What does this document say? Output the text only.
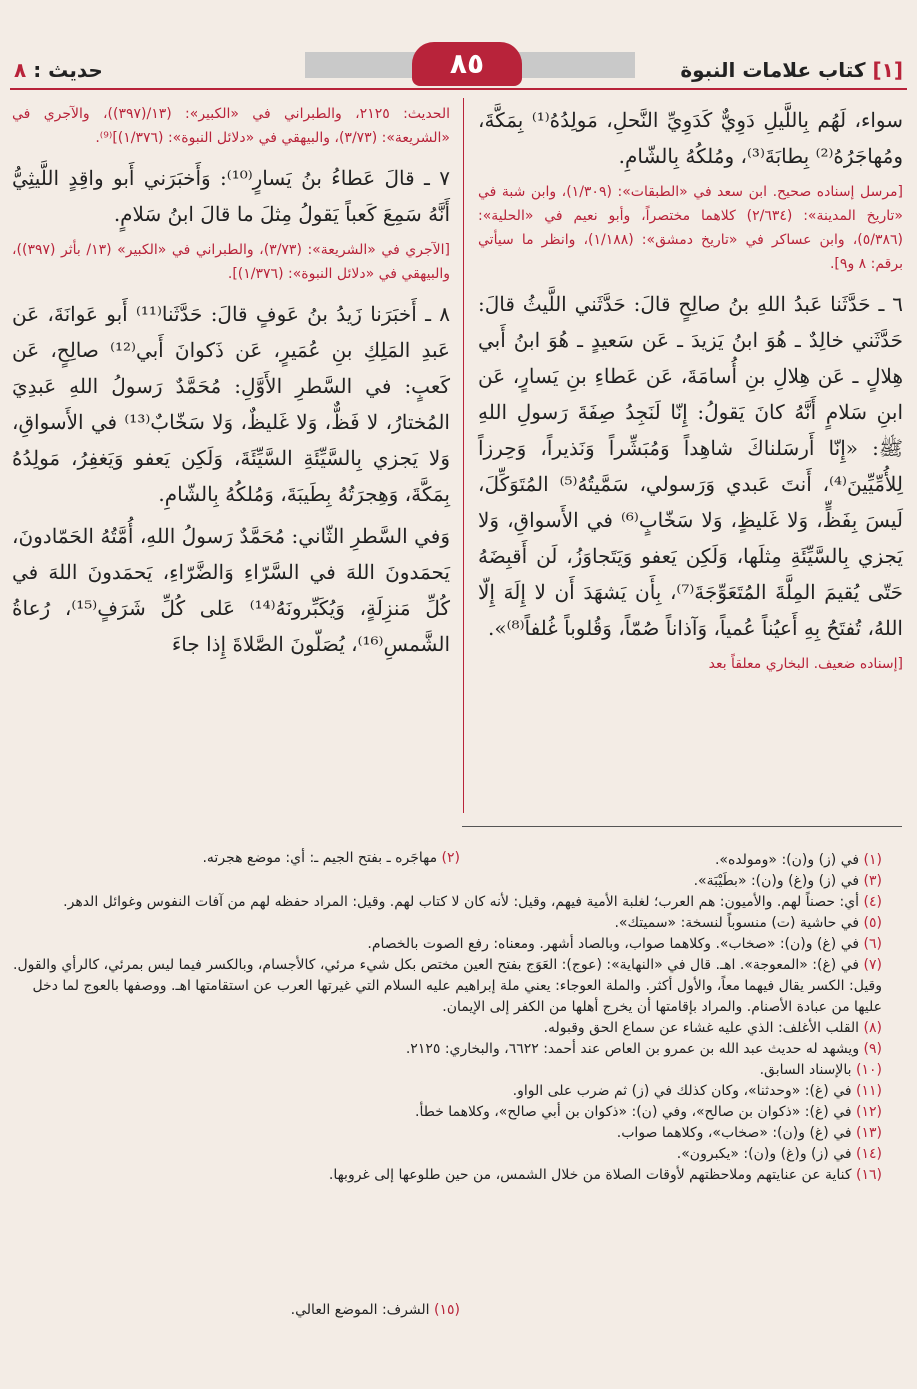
٨٥	[١] كتاب علامات النبوة
حديث : ٨

سواء، لَهُم بِاللَّيلِ دَوِيٌّ كَدَوِيِّ النَّحلِ، مَولِدُهُ⁽¹⁾ بِمَكَّةَ، ومُهاجَرُهُ⁽²⁾ بِطابَةَ⁽³⁾، ومُلكُهُ بِالشّامِ.

[مرسل إسناده صحيح. ابن سعد في «الطبقات»: (١/٣٠٩)، وابن شبة في «تاريخ المدينة»: (٢/٦٣٤) كلاهما مختصراً، وأبو نعيم في «الحلية»: (٥/٣٨٦)، وابن عساكر في «تاريخ دمشق»: (١/١٨٨)، وانظر ما سيأتي برقم: ٨ و٩].

٦ ـ حَدَّثَنا عَبدُ اللهِ بنُ صالِحٍ قالَ: حَدَّثَني اللَّيثُ قالَ: حَدَّثَني خالِدٌ ـ هُوَ ابنُ يَزيدَ ـ عَن سَعيدٍ ـ هُوَ ابنُ أَبي هِلالٍ ـ عَن هِلالِ بنِ أُسامَةَ، عَن عَطاءِ بنِ يَسارٍ، عَن ابنِ سَلامٍ أَنَّهُ كانَ يَقولُ: إِنّا لَنَجِدُ صِفَةَ رَسولِ اللهِ ﷺ: «إِنّا أَرسَلناكَ شاهِداً وَمُبَشِّراً وَنَذيراً، وَحِرزاً لِلأُمِّيِّينَ⁽⁴⁾، أَنتَ عَبدي وَرَسولي، سَمَّيتُهُ⁽⁵⁾ المُتَوَكِّلَ، لَيسَ بِفَظٍّ، وَلا غَليظٍ، وَلا سَخّابٍ⁽⁶⁾ في الأَسواقِ، وَلا يَجزي بِالسَّيِّئَةِ مِثلَها، وَلَكِن يَعفو وَيَتَجاوَزُ، لَن أَقبِضَهُ حَتّى يُقيمَ المِلَّةَ المُتَعَوِّجَةَ⁽⁷⁾، بِأَن يَشهَدَ أَن لا إِلَهَ إِلّا اللهُ، تُفتَحُ بِهِ أَعيُناً عُمياً، وَآذاناً صُمّاً، وَقُلوباً غُلفاً⁽⁸⁾».

[إسناده ضعيف. البخاري معلقاً بعد

الحديث: ٢١٢٥، والطبراني في «الكبير»: (١٣/(٣٩٧))، والآجري في «الشريعة»: (٣/٧٣)، والبيهقي في «دلائل النبوة»: (١/٣٧٦)]⁽⁹⁾.

٧ ـ قالَ عَطاءُ بنُ يَسارٍ⁽¹⁰⁾: وَأَخبَرَني أَبو واقِدٍ اللَّيثِيُّ أَنَّهُ سَمِعَ كَعباً يَقولُ مِثلَ ما قالَ ابنُ سَلامٍ.

[الآجري في «الشريعة»: (٣/٧٣)، والطبراني في «الكبير» (١٣/ بأثر (٣٩٧))، والبيهقي في «دلائل النبوة»: (١/٣٧٦)].

٨ ـ أَخبَرَنا زَيدُ بنُ عَوفٍ قالَ: حَدَّثَنا⁽¹¹⁾ أَبو عَوانَةَ، عَن عَبدِ المَلِكِ بنِ عُمَيرٍ، عَن ذَكوانَ أَبي⁽¹²⁾ صالِحٍ، عَن كَعبٍ: في السَّطرِ الأَوَّلِ: مُحَمَّدٌ رَسولُ اللهِ عَبدِيَ المُختارُ، لا فَظٌّ، وَلا غَليظٌ، وَلا سَخّابٌ⁽¹³⁾ في الأَسواقِ، وَلا يَجزي بِالسَّيِّئَةِ السَّيِّئَةَ، وَلَكِن يَعفو وَيَغفِرُ، مَولِدُهُ بِمَكَّةَ، وَهِجرَتُهُ بِطَيبَةَ، وَمُلكُهُ بِالشّامِ.

وَفي السَّطرِ الثّاني: مُحَمَّدٌ رَسولُ اللهِ، أُمَّتُهُ الحَمّادونَ، يَحمَدونَ اللهَ في السَّرّاءِ وَالضَّرّاءِ، يَحمَدونَ اللهَ في كُلِّ مَنزِلَةٍ، وَيُكَبِّرونَهُ⁽¹⁴⁾ عَلى كُلِّ شَرَفٍ⁽¹⁵⁾، رُعاةُ الشَّمسِ⁽¹⁶⁾، يُصَلّونَ الصَّلاةَ إِذا جاءَ

(٢) مهاجَره ـ بفتح الجيم ـ: أي: موضع هجرته.
(١٥) الشرف: الموضع العالي.
(١) في (ز) و(ن): «ومولده».
(٣) في (ز) و(غ) و(ن): «بطَيْبَة».
(٤) أي: حصناً لهم. والأميون: هم العرب؛ لغلبة الأمية فيهم، وقيل: لأنه كان لا كتاب لهم. وقيل: المراد حفظه لهم من آفات النفوس وغوائل الدهر.
(٥) في حاشية (ت) منسوباً لنسخة: «سميتك».
(٦) في (غ) و(ن): «صخاب». وكلاهما صواب، وبالصاد أشهر. ومعناه: رفع الصوت بالخصام.
(٧) في (غ): «المعوجة». اهـ. قال في «النهاية»: (عوج): العَوَج بفتح العين مختص بكل شيء مرئي، كالأجسام، وبالكسر فيما ليس بمرئي، كالرأي والقول. وقيل: الكسر يقال فيهما معاً، والأول أكثر. والملة العوجاء: يعني ملة إبراهيم عليه السلام التي غيرتها العرب عن استقامتها اهـ. ووصفها بالعوج لما دخل عليها من عبادة الأصنام. والمراد بإقامتها أن يخرج أهلها من الكفر إلى الإيمان.
(٨) القلب الأغلف: الذي عليه غشاء عن سماع الحق وقبوله.
(٩) ويشهد له حديث عبد الله بن عمرو بن العاص عند أحمد: ٦٦٢٢، والبخاري: ٢١٢٥.
(١٠) بالإسناد السابق.
(١١) في (غ): «وحدثنا»، وكان كذلك في (ز) ثم ضرب على الواو.
(١٢) في (غ): «ذكوان بن صالح»، وفي (ن): «ذكوان بن أبي صالح»، وكلاهما خطأ.
(١٣) في (غ) و(ن): «صخاب»، وكلاهما صواب.
(١٤) في (ز) و(غ) و(ن): «يكبرون».
(١٦) كناية عن عنايتهم وملاحظتهم لأوقات الصلاة من خلال الشمس، من حين طلوعها إلى غروبها.
